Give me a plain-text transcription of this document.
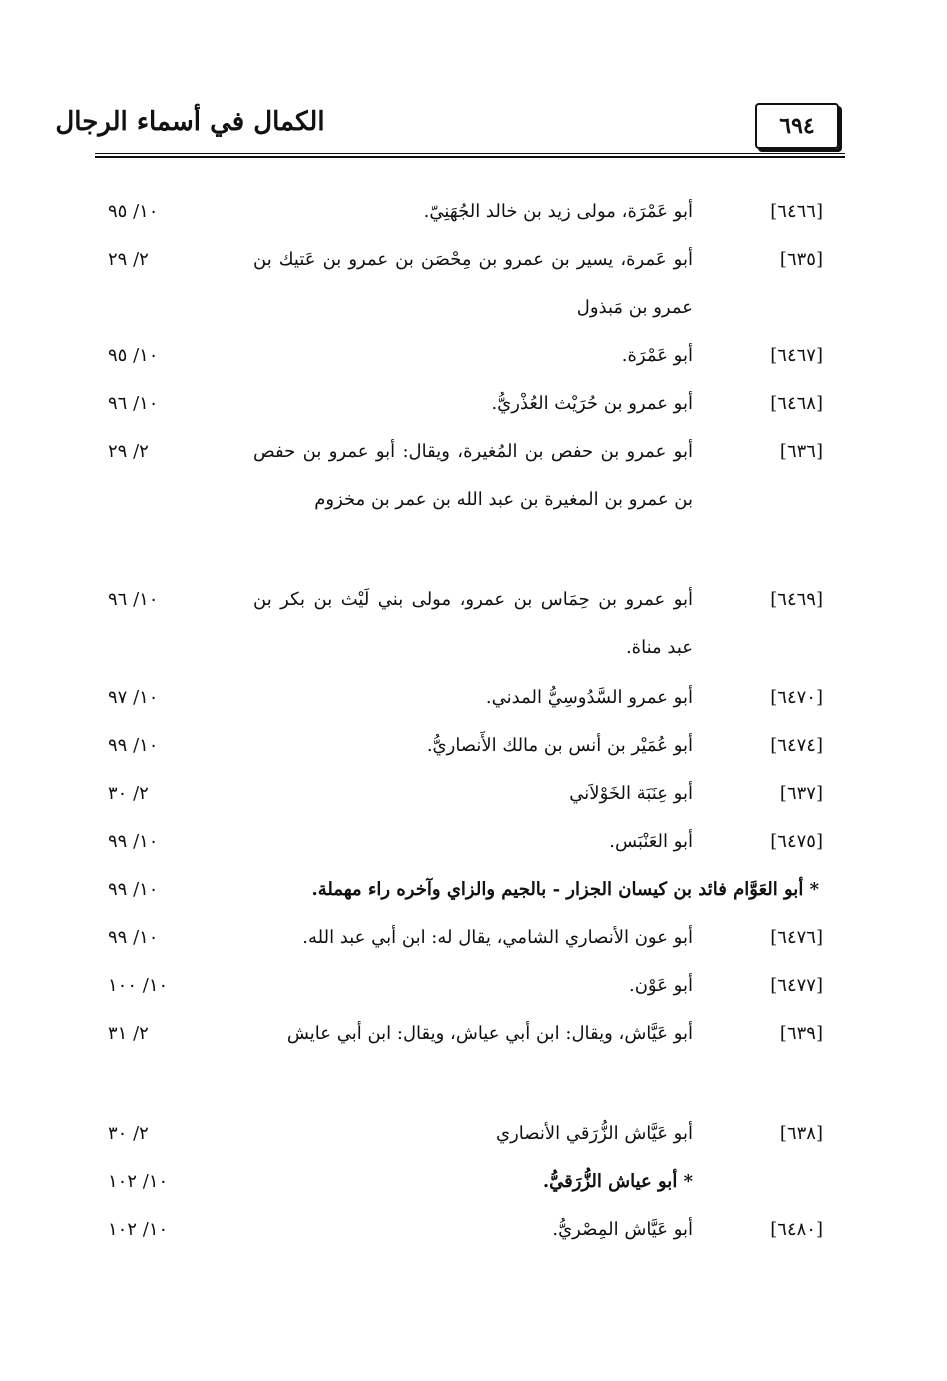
الكمال في أسماء الرجال	٦٩٤
[٦٤٦٦]
أبو عَمْرَة، مولى زيد بن خالد الجُهَنِيّ.
١٠/ ٩٥
[٦٣٥]
أبو عَمرة، يسير بن عمرو بن مِحْصَن بن عمرو بن عَتيك بن عمرو بن مَبذول
٢/ ٢٩
[٦٤٦٧]
أبو عَمْرَة.
١٠/ ٩٥
[٦٤٦٨]
أبو عمرو بن حُرَيْث العُذْريُّ.
١٠/ ٩٦
[٦٣٦]
أبو عمرو بن حفص بن المُغيرة، ويقال: أبو عمرو بن حفص بن عمرو بن المغيرة بن عبد الله بن عمر بن مخزوم
٢/ ٢٩
[٦٤٦٩]
أبو عمرو بن حِمَاس بن عمرو، مولى بني لَيْث بن بكر بن عبد مناة.
١٠/ ٩٦
[٦٤٧٠]
أبو عمرو السَّدُوسِيُّ المدني.
١٠/ ٩٧
[٦٤٧٤]
أبو عُمَيْر بن أنس بن مالك الأَنصاريُّ.
١٠/ ٩٩
[٦٣٧]
أبو عِنَبَة الخَوْلاَني
٢/ ٣٠
[٦٤٧٥]
أبو العَنْبَس.
١٠/ ٩٩
* أبو العَوَّام فائد بن كيسان الجزار - بالجيم والزاي وآخره راء مهملة.
١٠/ ٩٩
[٦٤٧٦]
أبو عون الأنصاري الشامي، يقال له: ابن أبي عبد الله.
١٠/ ٩٩
[٦٤٧٧]
أبو عَوْن.
١٠/ ١٠٠
[٦٣٩]
أبو عَيَّاش، ويقال: ابن أبي عياش، ويقال: ابن أبي عايش
٢/ ٣١
[٦٣٨]
أبو عَيَّاش الزُّرَقي الأنصاري
٢/ ٣٠
* أبو عياش الزُّرَقيُّ.
١٠/ ١٠٢
[٦٤٨٠]
أبو عَيَّاش المِصْريُّ.
١٠/ ١٠٢
